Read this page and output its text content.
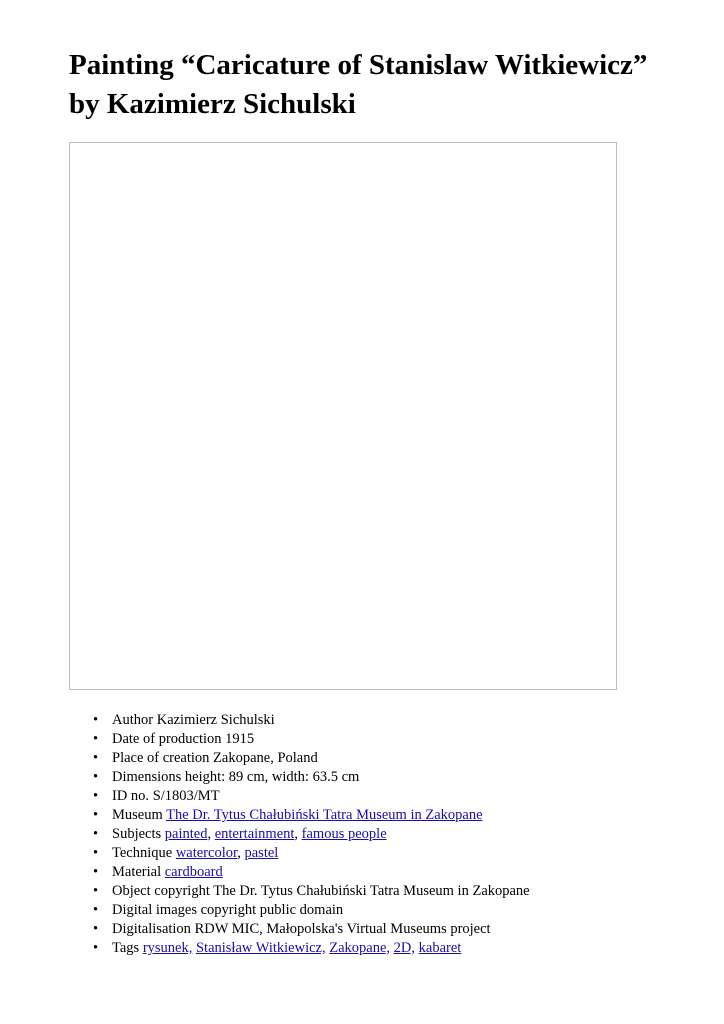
Painting “Caricature of Stanislaw Witkiewicz”
by Kazimierz Sichulski
• Author Kazimierz Sichulski
• Date of production 1915
• Place of creation Zakopane, Poland
• Dimensions height: 89 cm, width: 63.5 cm
• ID no. S/1803/MT
• Museum The Dr. Tytus Chałubiński Tatra Museum in Zakopane
• Subjects painted, entertainment, famous people
• Technique watercolor, pastel
• Material cardboard
• Object copyright The Dr. Tytus Chałubiński Tatra Museum in Zakopane
• Digital images copyright public domain
• Digitalisation RDW MIC, Małopolska's Virtual Museums project
• Tags rysunek, Stanisław Witkiewicz, Zakopane, 2D, kabaret
